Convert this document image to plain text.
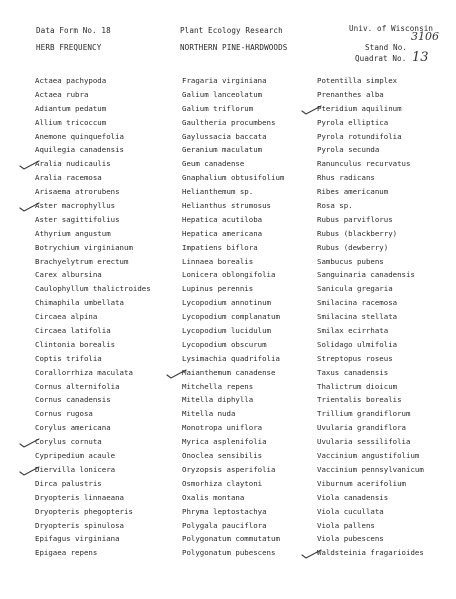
Data Form No. 18	Plant Ecology Research	Univ. of Wisconsin
3106
HERB FREQUENCY	NORTHERN PINE-HARDWOODS	Stand No.
Quadrat No. 13
Actaea pachypoda
Actaea rubra
Adiantum pedatum
Allium tricoccum
Anemone quinquefolia
Aquilegia canadensis
Aralia nudicaulis
Aralia racemosa
Arisaema atrorubens
Aster macrophyllus
Aster sagittifolius
Athyrium angustum
Botrychium virginianum
Brachyelytrum erectum
Carex albursina
Caulophyllum thalictroides
Chimaphila umbellata
Circaea alpina
Circaea latifolia
Clintonia borealis
Coptis trifolia
Corallorrhiza maculata
Cornus alternifolia
Cornus canadensis
Cornus rugosa
Corylus americana
Corylus cornuta
Cypripedium acaule
Diervilla lonicera
Dirca palustris
Dryopteris linnaeana
Dryopteris phegopteris
Dryopteris spinulosa
Epifagus virginiana
Epigaea repens
Fragaria virginiana
Galium lanceolatum
Galium triflorum
Gaultheria procumbens
Gaylussacia baccata
Geranium maculatum
Geum canadense
Gnaphalium obtusifolium
Helianthemum sp.
Helianthus strumosus
Hepatica acutiloba
Hepatica americana
Impatiens biflora
Linnaea borealis
Lonicera oblongifolia
Lupinus perennis
Lycopodium annotinum
Lycopodium complanatum
Lycopodium lucidulum
Lycopodium obscurum
Lysimachia quadrifolia
Maianthemum canadense
Mitchella repens
Mitella diphylla
Mitella nuda
Monotropa uniflora
Myrica asplenifolia
Onoclea sensibilis
Oryzopsis asperifolia
Osmorhiza claytoni
Oxalis montana
Phryma leptostachya
Polygala pauciflora
Polygonatum commutatum
Polygonatum pubescens
Potentilla simplex
Prenanthes alba
Pteridium aquilinum
Pyrola elliptica
Pyrola rotundifolia
Pyrola secunda
Ranunculus recurvatus
Rhus radicans
Ribes americanum
Rosa sp.
Rubus parviflorus
Rubus (blackberry)
Rubus (dewberry)
Sambucus pubens
Sanguinaria canadensis
Sanicula gregaria
Smilacina racemosa
Smilacina stellata
Smilax ecirrhata
Solidago ulmifolia
Streptopus roseus
Taxus canadensis
Thalictrum dioicum
Trientalis borealis
Trillium grandiflorum
Uvularia grandiflora
Uvularia sessilifolia
Vaccinium angustifolium
Vaccinium pennsylvanicum
Viburnum acerifolium
Viola canadensis
Viola cucullata
Viola pallens
Viola pubescens
Waldsteinia fragarioides
